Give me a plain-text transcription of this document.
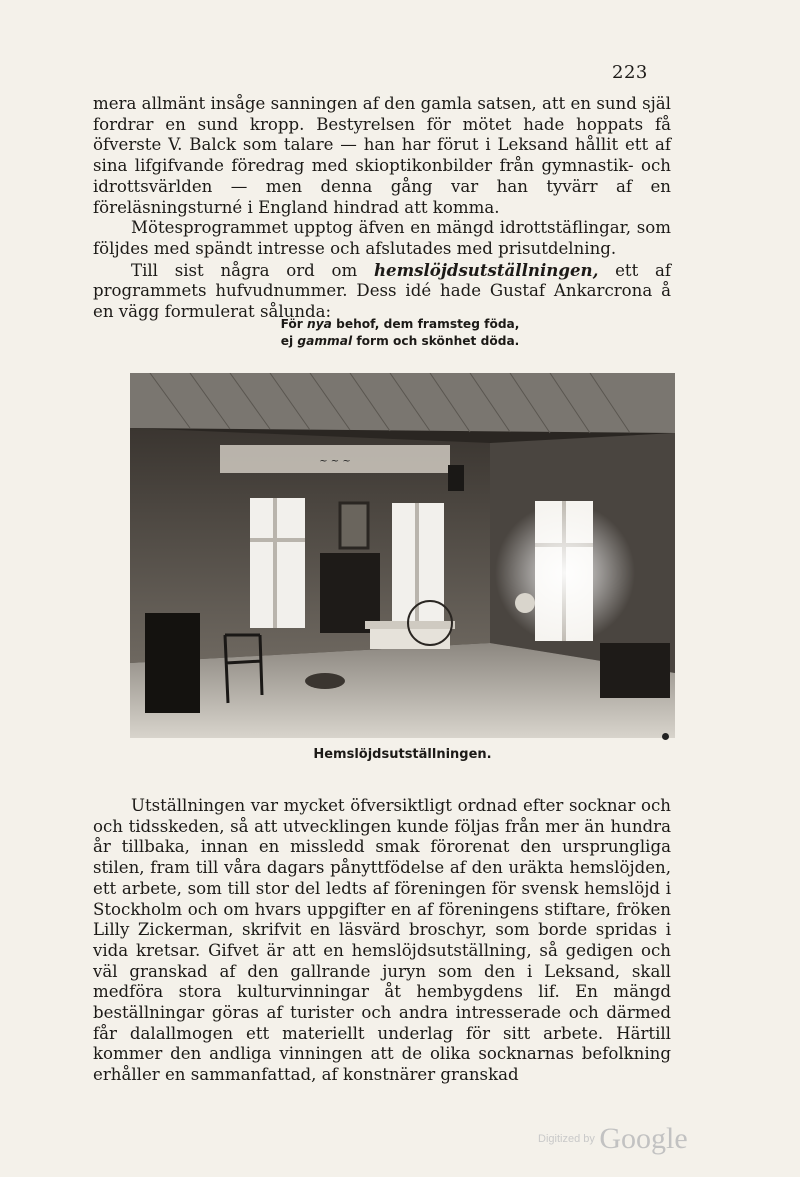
223

mera allmänt insåge sanningen af den gamla satsen, att en sund själ fordrar en sund kropp. Bestyrelsen för mötet hade hoppats få öfverste V. Balck som talare — han har förut i Leksand hållit ett af sina lifgifvande föredrag med skioptikonbilder från gymnastik- och idrottsvärlden — men denna gång var han tyvärr af en föreläsningsturné i England hindrad att komma.

Mötesprogrammet upptog äfven en mängd idrottstäflingar, som följdes med spändt intresse och afslutades med prisutdelning.

Till sist några ord om hemslöjdsutställningen, ett af programmets hufvudnummer. Dess idé hade Gustaf Ankarcrona å en vägg formulerat sålunda:

För nya behof, dem framsteg föda,
ej gammal form och skönhet döda.
~ ~ ~
Hemslöjdsutställningen.

Utställningen var mycket öfversiktligt ordnad efter socknar och och tidsskeden, så att utvecklingen kunde följas från mer än hundra år tillbaka, innan en missledd smak förorenat den ursprungliga stilen, fram till våra dagars pånyttfödelse af den uräkta hemslöjden, ett arbete, som till stor del ledts af föreningen för svensk hemslöjd i Stockholm och om hvars uppgifter en af föreningens stiftare, fröken Lilly Zickerman, skrifvit en läsvärd broschyr, som borde spridas i vida kretsar. Gifvet är att en hemslöjdsutställning, så gedigen och väl granskad af den gallrande juryn som den i Leksand, skall medföra stora kulturvinningar åt hembygdens lif. En mängd beställningar göras af turister och andra intresserade och därmed får dalallmogen ett materiellt underlag för sitt arbete. Härtill kommer den andliga vinningen att de olika socknarnas befolkning erhåller en sammanfattad, af konstnärer granskad

$^{Digitized by}$ Google
